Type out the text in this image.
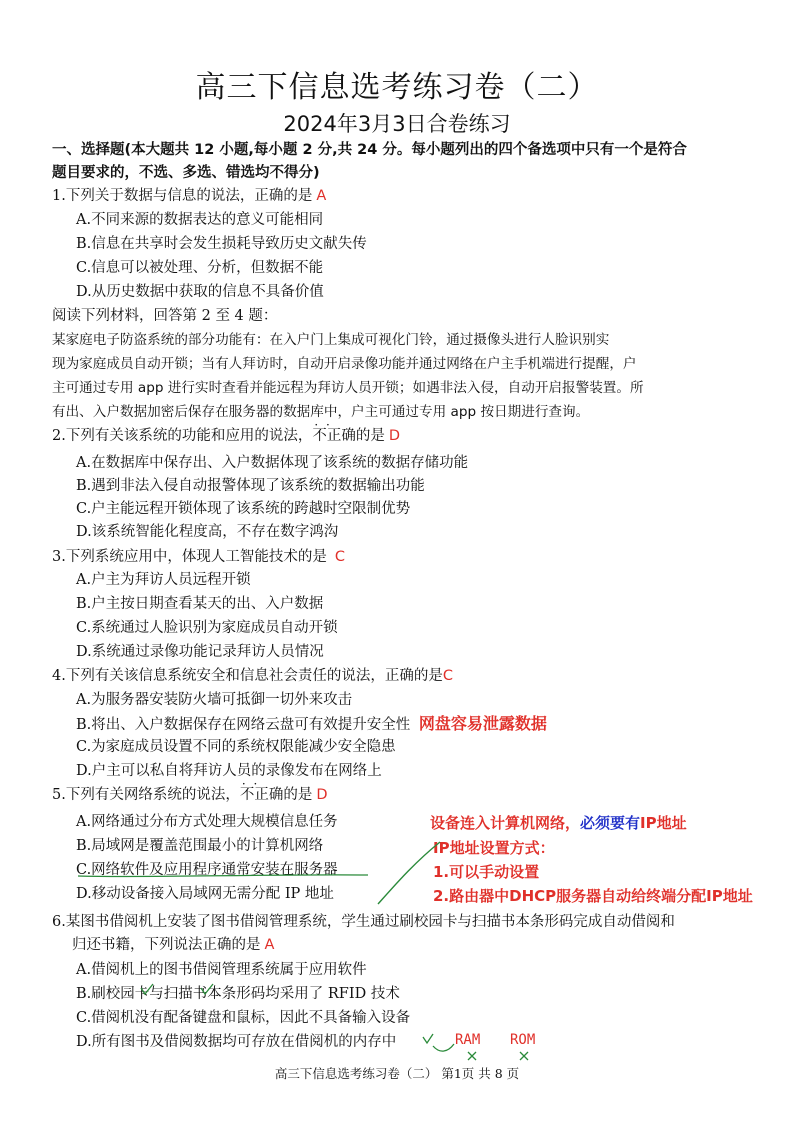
高三下信息选考练习卷（二）
2024年3月3日合卷练习
一、选择题(本大题共 12 小题,每小题 2 分,共 24 分。每小题列出的四个备选项中只有一个是符合
题目要求的，不选、多选、错选均不得分)
1.下列关于数据与信息的说法，正确的是 A
A.不同来源的数据表达的意义可能相同
B.信息在共享时会发生损耗导致历史文献失传
C.信息可以被处理、分析，但数据不能
D.从历史数据中获取的信息不具备价值
阅读下列材料，回答第 2 至 4 题：
某家庭电子防盗系统的部分功能有：在入户门上集成可视化门铃，通过摄像头进行人脸识别实
现为家庭成员自动开锁；当有人拜访时，自动开启录像功能并通过网络在户主手机端进行提醒，户
主可通过专用 app 进行实时查看并能远程为拜访人员开锁；如遇非法入侵，自动开启报警装置。所
有出、入户数据加密后保存在服务器的数据库中，户主可通过专用 app 按日期进行查询。
2.下列有关该系统的功能和应用的说法，不正确 · ·的是 D
A.在数据库中保存出、入户数据体现了该系统的数据存储功能
B.遇到非法入侵自动报警体现了该系统的数据输出功能
C.户主能远程开锁体现了该系统的跨越时空限制优势
D.该系统智能化程度高，不存在数字鸿沟
3.下列系统应用中，体现人工智能技术的是 C
A.户主为拜访人员远程开锁
B.户主按日期查看某天的出、入户数据
C.系统通过人脸识别为家庭成员自动开锁
D.系统通过录像功能记录拜访人员情况
4.下列有关该信息系统安全和信息社会责任的说法，正确的是C
A.为服务器安装防火墙可抵御一切外来攻击
B.将出、入户数据保存在网络云盘可有效提升安全性 网盘容易泄露数据
C.为家庭成员设置不同的系统权限能减少安全隐患
D.户主可以私自将拜访人员的录像发布在网络上
5.下列有关网络系统的说法，不正确 · ·的是 D
A.网络通过分布方式处理大规模信息任务
B.局域网是覆盖范围最小的计算机网络
C.网络软件及应用程序通常安装在服务器
D.移动设备接入局域网无需分配 IP 地址
设备连入计算机网络，必须要有IP地址
IP地址设置方式：
1.可以手动设置
2.路由器中DHCP服务器自动给终端分配IP地址
6.某图书借阅机上安装了图书借阅管理系统，学生通过刷校园卡与扫描书本条形码完成自动借阅和
归还书籍，下列说法正确的是 A
A.借阅机上的图书借阅管理系统属于应用软件
B.刷校园卡与扫描书本条形码均采用了 RFID 技术
C.借阅机没有配备键盘和鼠标，因此不具备输入设备
D.所有图书及借阅数据均可存放在借阅机的内存中	RAM ROM
高三下信息选考练习卷（二） 第1页 共 8 页
